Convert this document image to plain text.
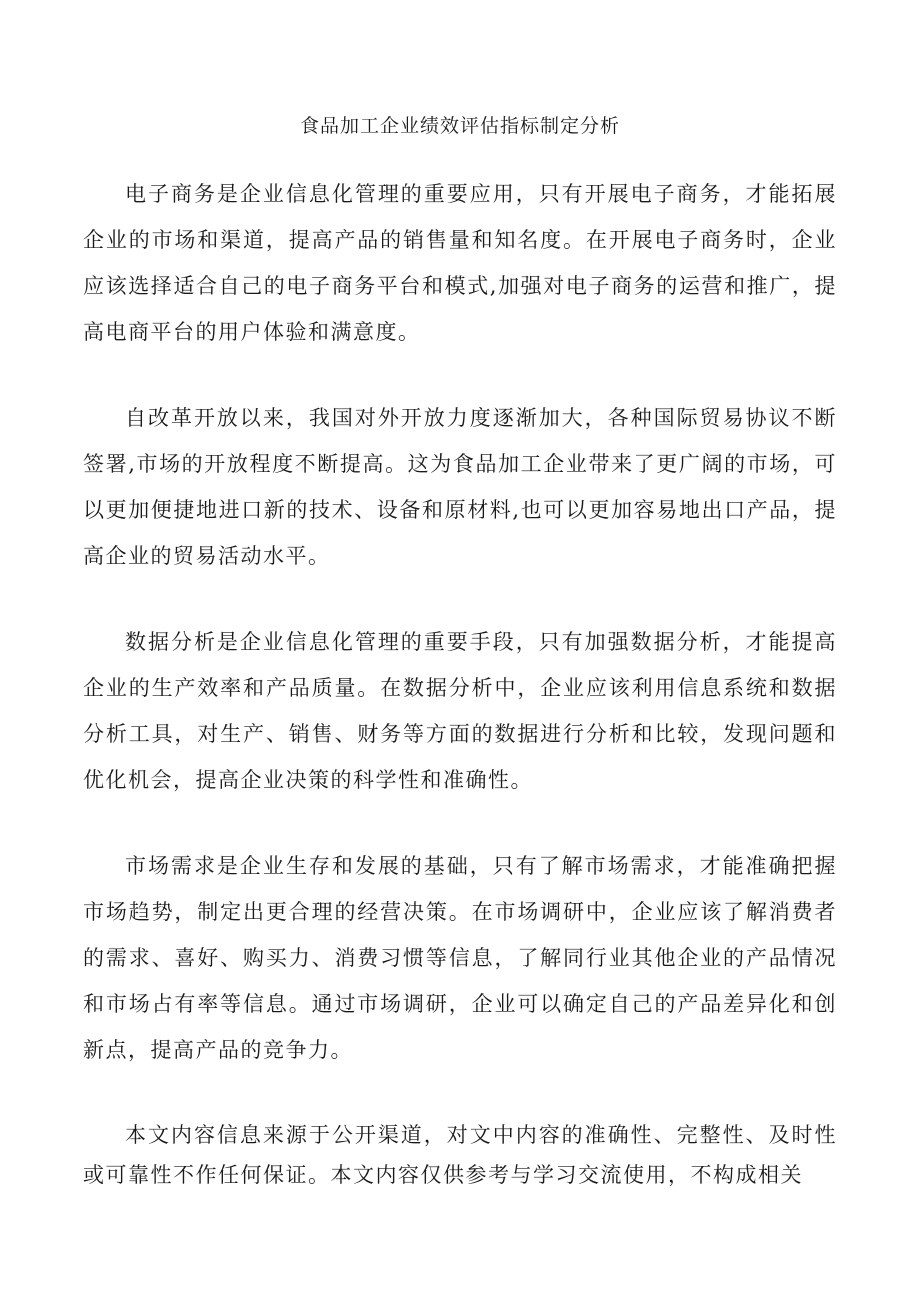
食品加工企业绩效评估指标制定分析

电子商务是企业信息化管理的重要应用，只有开展电子商务，才能拓展企业的市场和渠道，提高产品的销售量和知名度。在开展电子商务时，企业应该选择适合自己的电子商务平台和模式,加强对电子商务的运营和推广，提高电商平台的用户体验和满意度。

自改革开放以来，我国对外开放力度逐渐加大，各种国际贸易协议不断签署,市场的开放程度不断提高。这为食品加工企业带来了更广阔的市场，可以更加便捷地进口新的技术、设备和原材料,也可以更加容易地出口产品，提高企业的贸易活动水平。

数据分析是企业信息化管理的重要手段，只有加强数据分析，才能提高企业的生产效率和产品质量。在数据分析中，企业应该利用信息系统和数据分析工具，对生产、销售、财务等方面的数据进行分析和比较，发现问题和优化机会，提高企业决策的科学性和准确性。

市场需求是企业生存和发展的基础，只有了解市场需求，才能准确把握市场趋势，制定出更合理的经营决策。在市场调研中，企业应该了解消费者的需求、喜好、购买力、消费习惯等信息，了解同行业其他企业的产品情况和市场占有率等信息。通过市场调研，企业可以确定自己的产品差异化和创新点，提高产品的竞争力。

本文内容信息来源于公开渠道，对文中内容的准确性、完整性、及时性或可靠性不作任何保证。本文内容仅供参考与学习交流使用，不构成相关
